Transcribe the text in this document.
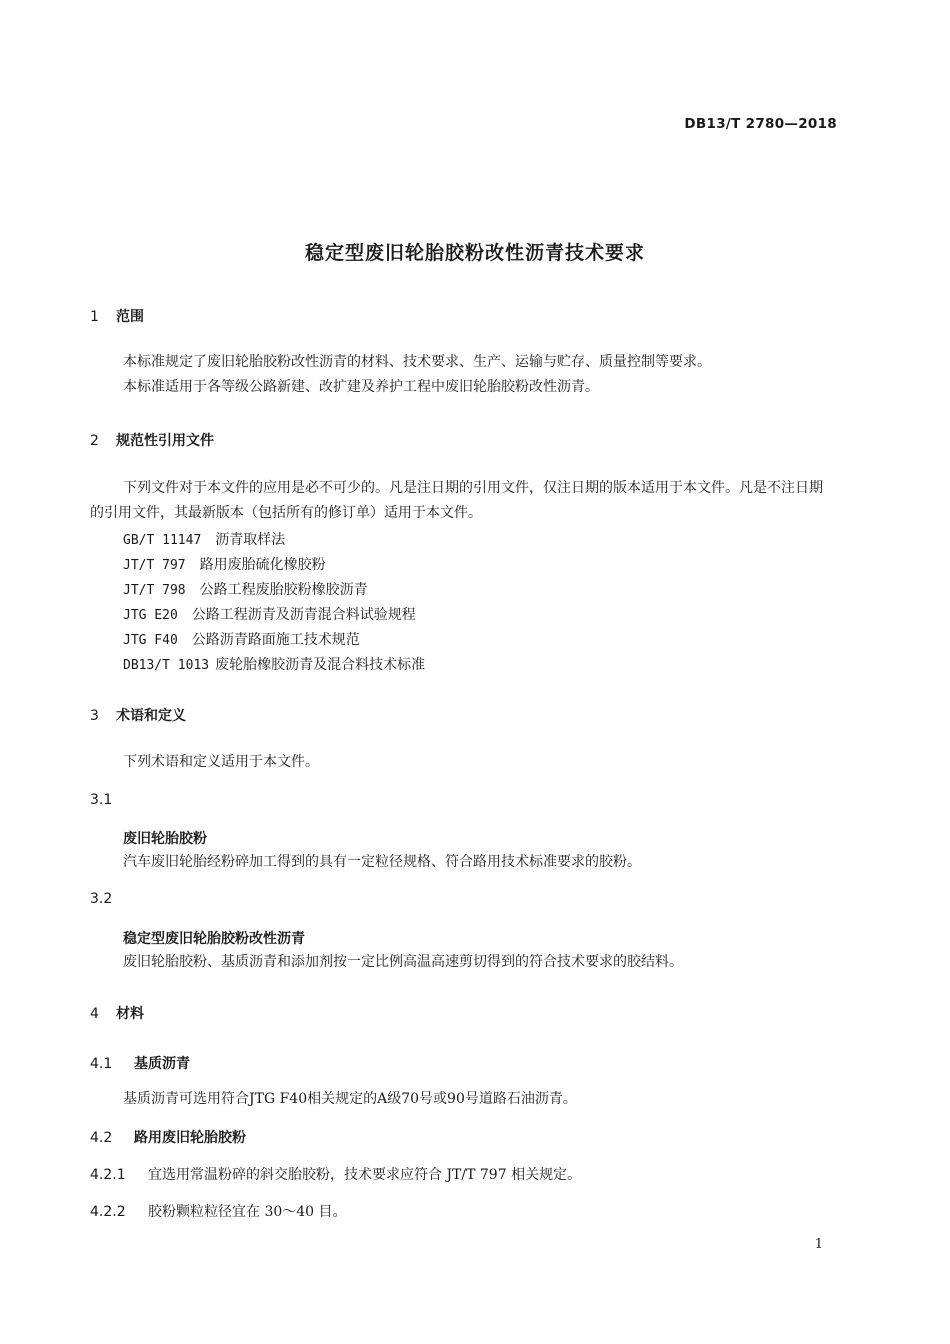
DB13/T 2780—2018
稳定型废旧轮胎胶粉改性沥青技术要求
1 范围
本标准规定了废旧轮胎胶粉改性沥青的材料、技术要求、生产、运输与贮存、质量控制等要求。
本标准适用于各等级公路新建、改扩建及养护工程中废旧轮胎胶粉改性沥青。
2 规范性引用文件
下列文件对于本文件的应用是必不可少的。凡是注日期的引用文件，仅注日期的版本适用于本文件。凡是不注日期的引用文件，其最新版本（包括所有的修订单）适用于本文件。
GB/T 11147 沥青取样法
JT/T 797 路用废胎硫化橡胶粉
JT/T 798 公路工程废胎胶粉橡胶沥青
JTG E20 公路工程沥青及沥青混合料试验规程
JTG F40 公路沥青路面施工技术规范
DB13/T 1013 废轮胎橡胶沥青及混合料技术标准
3 术语和定义
下列术语和定义适用于本文件。
3.1
废旧轮胎胶粉
汽车废旧轮胎经粉碎加工得到的具有一定粒径规格、符合路用技术标准要求的胶粉。
3.2
稳定型废旧轮胎胶粉改性沥青
废旧轮胎胶粉、基质沥青和添加剂按一定比例高温高速剪切得到的符合技术要求的胶结料。
4 材料
4.1 基质沥青
基质沥青可选用符合JTG F40相关规定的A级70号或90号道路石油沥青。
4.2 路用废旧轮胎胶粉
4.2.1 宜选用常温粉碎的斜交胎胶粉，技术要求应符合 JT/T 797 相关规定。
4.2.2 胶粉颗粒粒径宜在 30～40 目。
1
